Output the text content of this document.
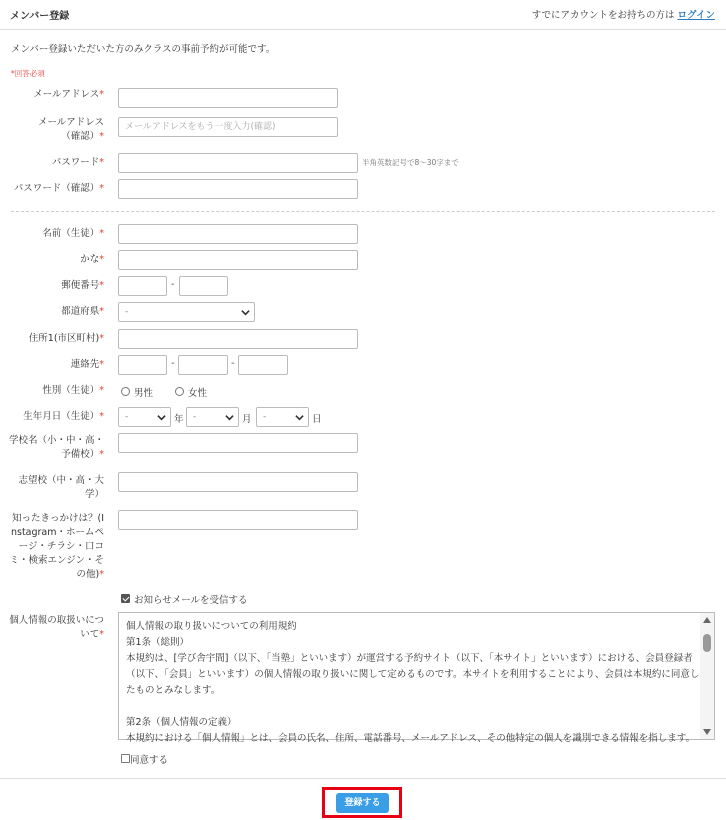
メンバー登録	すでにアカウントをお持ちの方は ログイン
メンバー登録いただいた方のみクラスの事前予約が可能です。
*回答必須
メールアドレス*
メールアドレス
（確認）*
メールアドレスをもう一度入力(確認)
パスワード*	半角英数記号で8～30字まで
パスワード（確認）*
名前（生徒）*
かな*
郵便番号*	-
都道府県*	-
住所1(市区町村)*
連絡先*	-	-
性別（生徒）*	男性	女性
生年月日（生徒）*	-	年	-	月	-	日
学校名（小・中・高・
予備校）*
志望校（中・高・大
学）
知ったきっかけは？(I
nstagram・ホームペ
ージ・チラシ・口コ
ミ・検索エンジン・そ
の他)*
お知らせメールを受信する
個人情報の取扱いにつ
いて*

個人情報の取り扱いについての利用規約

第1条（総則）

本規約は、[学び舎宇間]（以下、「当塾」といいます）が運営する予約サイト（以下、「本サイト」といいます）における、会員登録者（以下、「会員」といいます）の個人情報の取り扱いに関して定めるものです。本サイトを利用することにより、会員は本規約に同意したものとみなします。

第2条（個人情報の定義）

本規約における「個人情報」とは、会員の氏名、住所、電話番号、メールアドレス、その他特定の個人を識別できる情報を指します。

同意する
登録する
